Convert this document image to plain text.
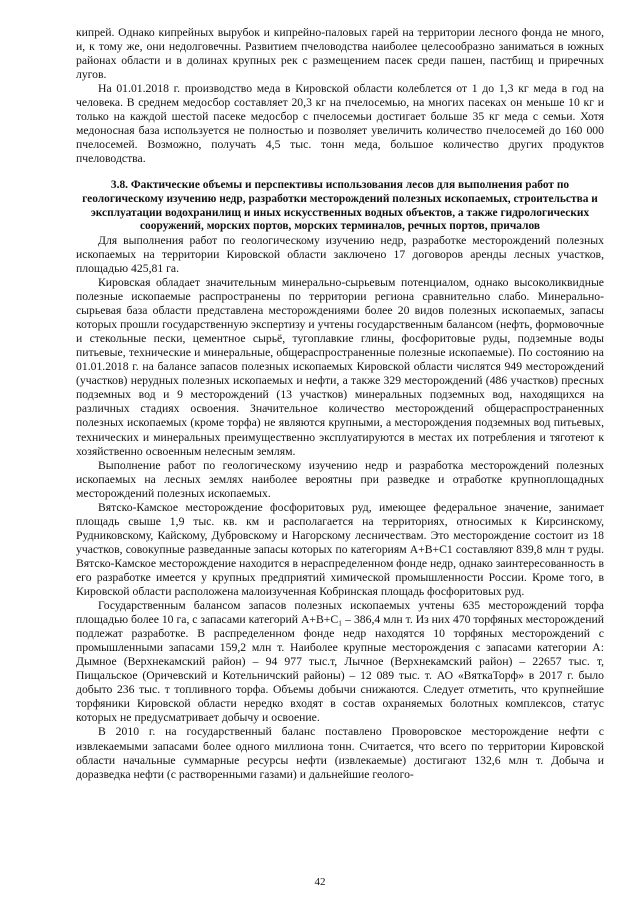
кипрей. Однако кипрейных вырубок и кипрейно-паловых гарей на территории лесного фонда не много, и, к тому же, они недолговечны. Развитием пчеловодства наиболее целесообразно заниматься в южных районах области и в долинах крупных рек с размещением пасек среди пашен, пастбищ и приречных лугов.

На 01.01.2018 г. производство меда в Кировской области колеблется от 1 до 1,3 кг меда в год на человека. В среднем медосбор составляет 20,3 кг на пчелосемью, на многих пасеках он меньше 10 кг и только на каждой шестой пасеке медосбор с пчелосемьи достигает больше 35 кг меда с семьи. Хотя медоносная база используется не полностью и позволяет увеличить количество пчелосемей до 160 000 пчелосемей. Возможно, получать 4,5 тыс. тонн меда, большое количество других продуктов пчеловодства.

3.8. Фактические объемы и перспективы использования лесов для выполнения работ по геологическому изучению недр, разработки месторождений полезных ископаемых, строительства и эксплуатации водохранилищ и иных искусственных водных объектов, а также гидрологических сооружений, морских портов, морских терминалов, речных портов, причалов

Для выполнения работ по геологическому изучению недр, разработке месторождений полезных ископаемых на территории Кировской области заключено 17 договоров аренды лесных участков, площадью 425,81 га.

Кировская обладает значительным минерально-сырьевым потенциалом, однако высоколиквидные полезные ископаемые распространены по территории региона сравнительно слабо. Минерально-сырьевая база области представлена месторождениями более 20 видов полезных ископаемых, запасы которых прошли государственную экспертизу и учтены государственным балансом (нефть, формовочные и стекольные пески, цементное сырьё, тугоплавкие глины, фосфоритовые руды, подземные воды питьевые, технические и минеральные, общераспространенные полезные ископаемые). По состоянию на 01.01.2018 г. на балансе запасов полезных ископаемых Кировской области числятся 949 месторождений (участков) нерудных полезных ископаемых и нефти, а также 329 месторождений (486 участков) пресных подземных вод и 9 месторождений (13 участков) минеральных подземных вод, находящихся на различных стадиях освоения. Значительное количество месторождений общераспространенных полезных ископаемых (кроме торфа) не являются крупными, а месторождения подземных вод питьевых, технических и минеральных преимущественно эксплуатируются в местах их потребления и тяготеют к хозяйственно освоенным нелесным землям.

Выполнение работ по геологическому изучению недр и разработка месторождений полезных ископаемых на лесных землях наиболее вероятны при разведке и отработке крупноплощадных месторождений полезных ископаемых.

Вятско-Камское месторождение фосфоритовых руд, имеющее федеральное значение, занимает площадь свыше 1,9 тыс. кв. км и располагается на территориях, относимых к Кирсинскому, Рудниковскому, Кайскому, Дубровскому и Нагорскому лесничествам. Это месторождение состоит из 18 участков, совокупные разведанные запасы которых по категориям A+B+C1 составляют 839,8 млн т руды. Вятско-Камское месторождение находится в нераспределенном фонде недр, однако заинтересованность в его разработке имеется у крупных предприятий химической промышленности России. Кроме того, в Кировской области расположена малоизученная Кобринская площадь фосфоритовых руд.

Государственным балансом запасов полезных ископаемых учтены 635 месторождений торфа площадью более 10 га, с запасами категорий A+B+C₁ – 386,4 млн т. Из них 470 торфяных месторождений подлежат разработке. В распределенном фонде недр находятся 10 торфяных месторождений с промышленными запасами 159,2 млн т. Наиболее крупные месторождения с запасами категории A: Дымное (Верхнекамский район) – 94 977 тыс.т, Лычное (Верхнекамский район) – 22657 тыс. т, Пищальское (Оричевский и Котельничский районы) – 12 089 тыс. т. АО «ВяткаТорф» в 2017 г. было добыто 236 тыс. т топливного торфа. Объемы добычи снижаются. Следует отметить, что крупнейшие торфяники Кировской области нередко входят в состав охраняемых болотных комплексов, статус которых не предусматривает добычу и освоение.

В 2010 г. на государственный баланс поставлено Проворовское месторождение нефти с извлекаемыми запасами более одного миллиона тонн. Считается, что всего по территории Кировской области начальные суммарные ресурсы нефти (извлекаемые) достигают 132,6 млн т. Добыча и доразведка нефти (с растворенными газами) и дальнейшие геолого-

42
